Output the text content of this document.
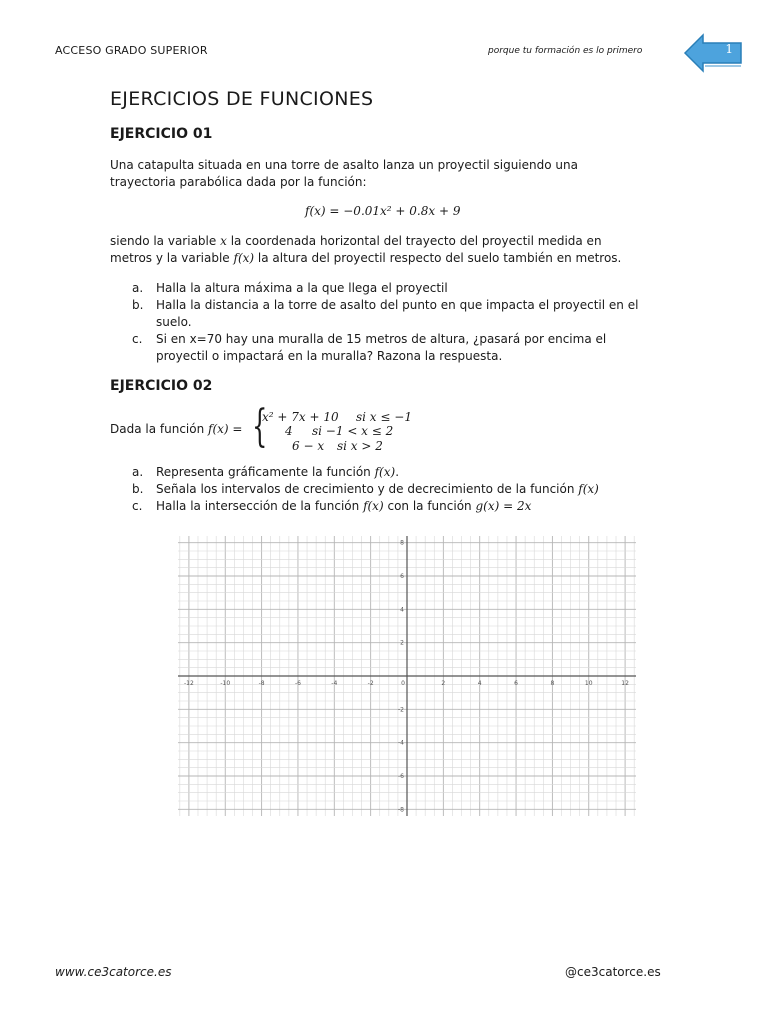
ACCESO GRADO SUPERIOR	porque tu formación es lo primero	1
EJERCICIOS DE FUNCIONES
EJERCICIO 01
Una catapulta situada en una torre de asalto lanza un proyectil siguiendo una
trayectoria parabólica dada por la función:
f(x) = −0.01x² + 0.8x + 9
siendo la variable x la coordenada horizontal del trayecto del proyectil medida en
metros y la variable f(x) la altura del proyectil respecto del suelo también en metros.
a. Halla la altura máxima a la que llega el proyectil
b. Halla la distancia a la torre de asalto del punto en que impacta el proyectil en el suelo.
c. Si en x=70 hay una muralla de 15 metros de altura, ¿pasará por encima el proyectil o impactará en la muralla? Razona la respuesta.
EJERCICIO 02
Dada la función f(x) = {
x² + 7x + 10 si x ≤ −1
4 si −1 < x ≤ 2
6 − x si x > 2
a. Representa gráficamente la función f(x).
b. Señala los intervalos de crecimiento y de decrecimiento de la función f(x)
c. Halla la intersección de la función f(x) con la función g(x) = 2x
-12	-10	-8	-6	-4	-2	0	2	4	6	8	10	12
-8
-6
-4
-2
2
4
6
8
www.ce3catorce.es	@ce3catorce.es
